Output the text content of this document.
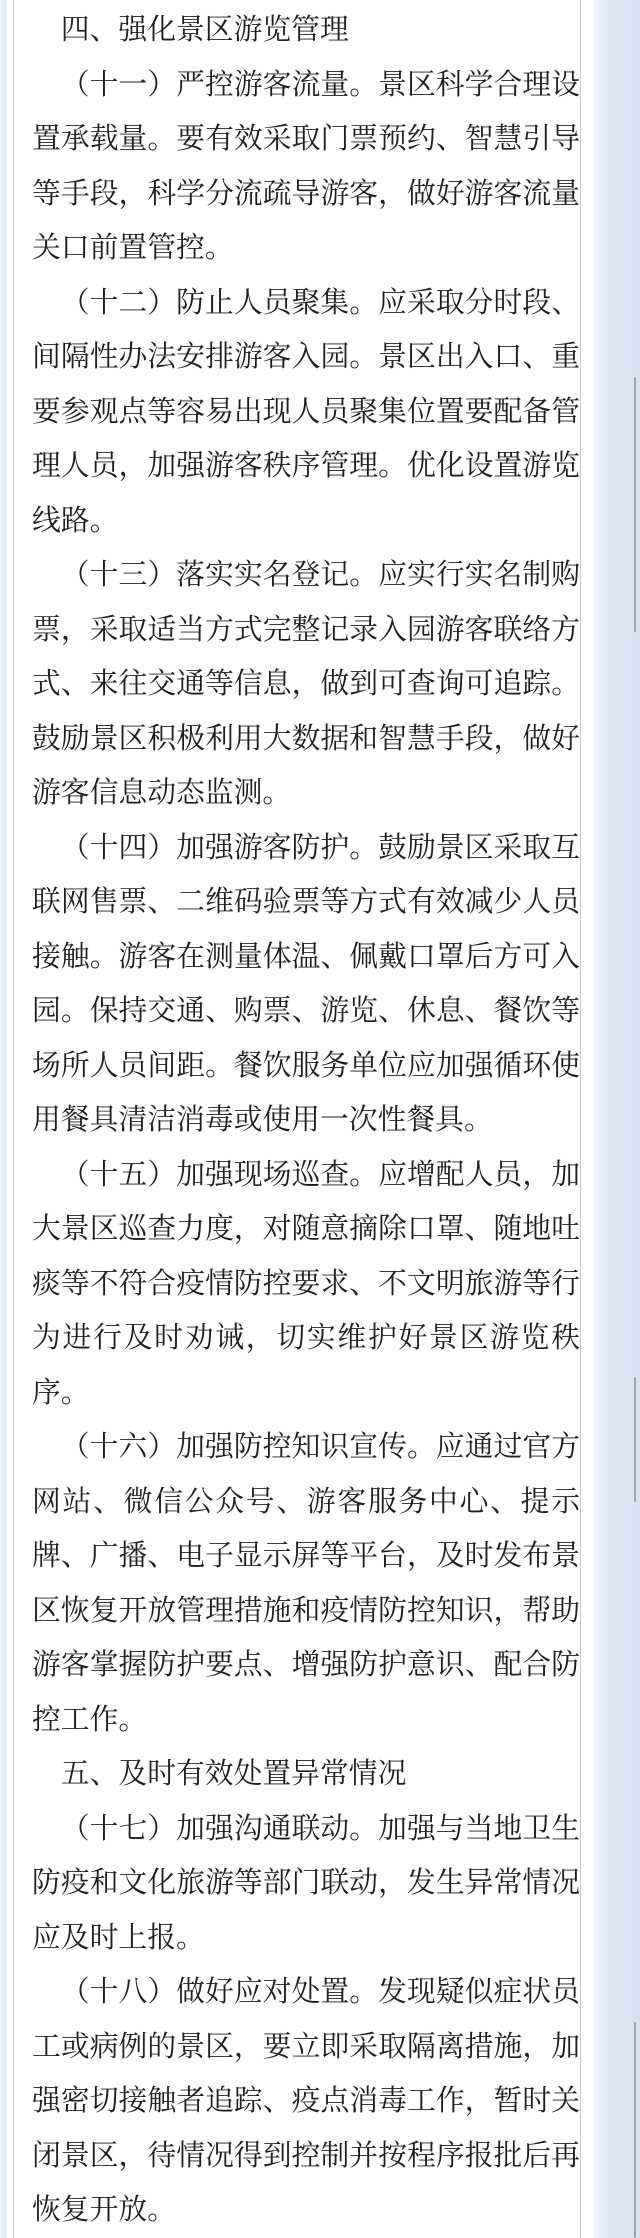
四、强化景区游览管理

（十一）严控游客流量。景区科学合理设置承载量。要有效采取门票预约、智慧引导等手段，科学分流疏导游客，做好游客流量关口前置管控。

（十二）防止人员聚集。应采取分时段、间隔性办法安排游客入园。景区出入口、重要参观点等容易出现人员聚集位置要配备管理人员，加强游客秩序管理。优化设置游览线路。

（十三）落实实名登记。应实行实名制购票，采取适当方式完整记录入园游客联络方式、来往交通等信息，做到可查询可追踪。鼓励景区积极利用大数据和智慧手段，做好游客信息动态监测。

（十四）加强游客防护。鼓励景区采取互联网售票、二维码验票等方式有效减少人员接触。游客在测量体温、佩戴口罩后方可入园。保持交通、购票、游览、休息、餐饮等场所人员间距。餐饮服务单位应加强循环使用餐具清洁消毒或使用一次性餐具。

（十五）加强现场巡查。应增配人员，加大景区巡查力度，对随意摘除口罩、随地吐痰等不符合疫情防控要求、不文明旅游等行为进行及时劝诫，切实维护好景区游览秩序。

（十六）加强防控知识宣传。应通过官方网站、微信公众号、游客服务中心、提示牌、广播、电子显示屏等平台，及时发布景区恢复开放管理措施和疫情防控知识，帮助游客掌握防护要点、增强防护意识、配合防控工作。

五、及时有效处置异常情况

（十七）加强沟通联动。加强与当地卫生防疫和文化旅游等部门联动，发生异常情况应及时上报。

（十八）做好应对处置。发现疑似症状员工或病例的景区，要立即采取隔离措施，加强密切接触者追踪、疫点消毒工作，暂时关闭景区，待情况得到控制并按程序报批后再恢复开放。
